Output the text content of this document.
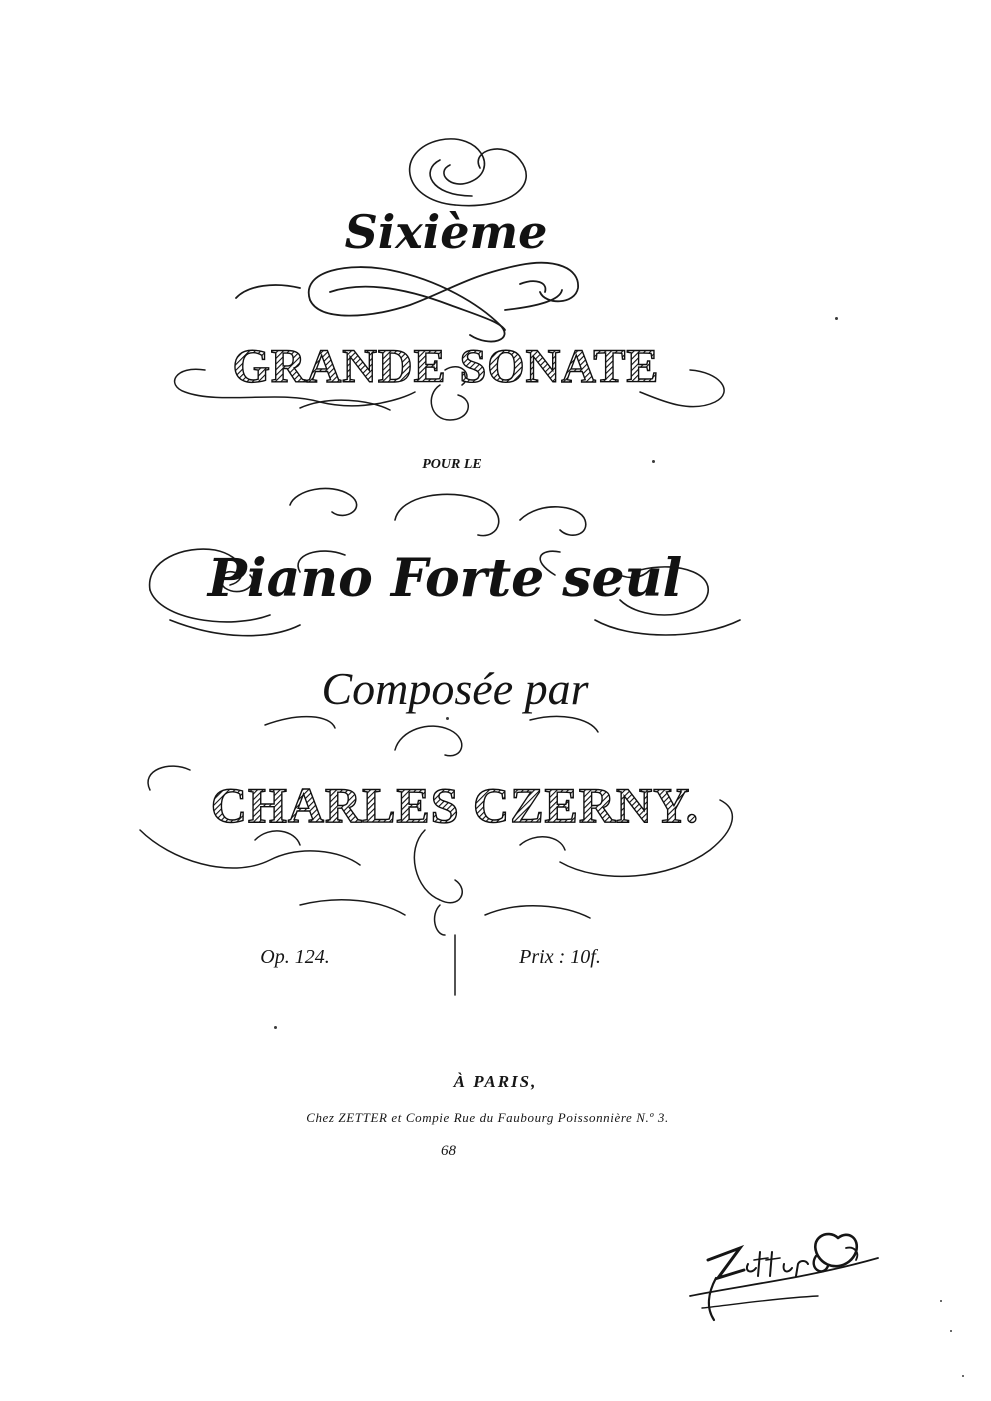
Sixième
GRANDE SONATE
POUR LE
Piano Forte seul
Composée par
CHARLES CZERNY.
Op. 124.	Prix : 10f.
À PARIS,
Chez ZETTER et Compie Rue du Faubourg Poissonnière N.º 3.
68
